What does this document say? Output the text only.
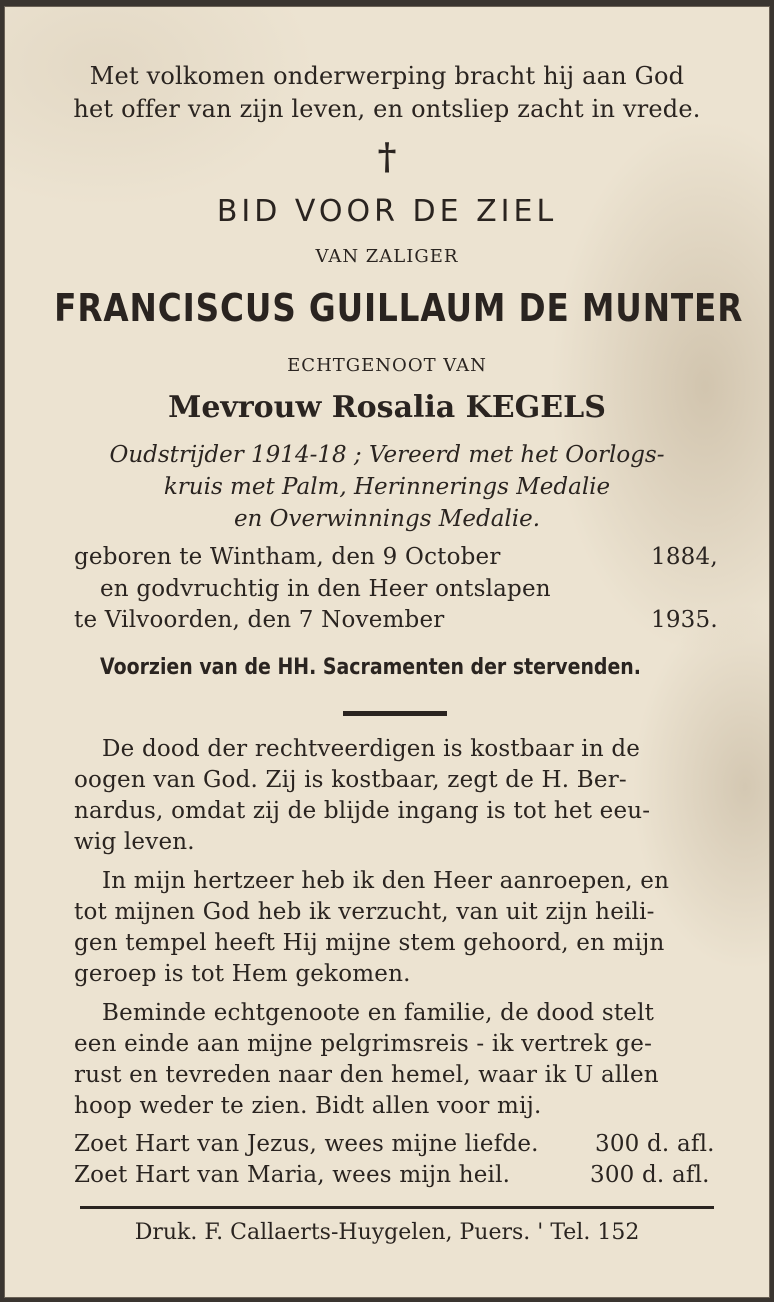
Met volkomen onderwerping bracht hij aan God
het offer van zijn leven, en ontsliep zacht in vrede.
†
BID VOOR DE ZIEL
VAN ZALIGER
FRANCISCUS GUILLAUM DE MUNTER
ECHTGENOOT VAN
Mevrouw Rosalia KEGELS
Oudstrijder 1914-18 ; Vereerd met het Oorlogs-
kruis met Palm, Herinnerings Medalie
en Overwinnings Medalie.
geboren te Wintham, den 9 October	1884,
en godvruchtig in den Heer ontslapen
te Vilvoorden, den 7 November	1935.
Voorzien van de HH. Sacramenten der stervenden.
De dood der rechtveerdigen is kostbaar in de
oogen van God. Zij is kostbaar, zegt de H. Ber-
nardus, omdat zij de blijde ingang is tot het eeu-
wig leven.
In mijn hertzeer heb ik den Heer aanroepen, en
tot mijnen God heb ik verzucht, van uit zijn heili-
gen tempel heeft Hij mijne stem gehoord, en mijn
geroep is tot Hem gekomen.
Beminde echtgenoote en familie, de dood stelt
een einde aan mijne pelgrimsreis - ik vertrek ge-
rust en tevreden naar den hemel, waar ik U allen
hoop weder te zien. Bidt allen voor mij.
Zoet Hart van Jezus, wees mijne liefde. 300 d. afl.
Zoet Hart van Maria, wees mijn heil.	300 d. afl.
Druk. F. Callaerts-Huygelen, Puers. ' Tel. 152
